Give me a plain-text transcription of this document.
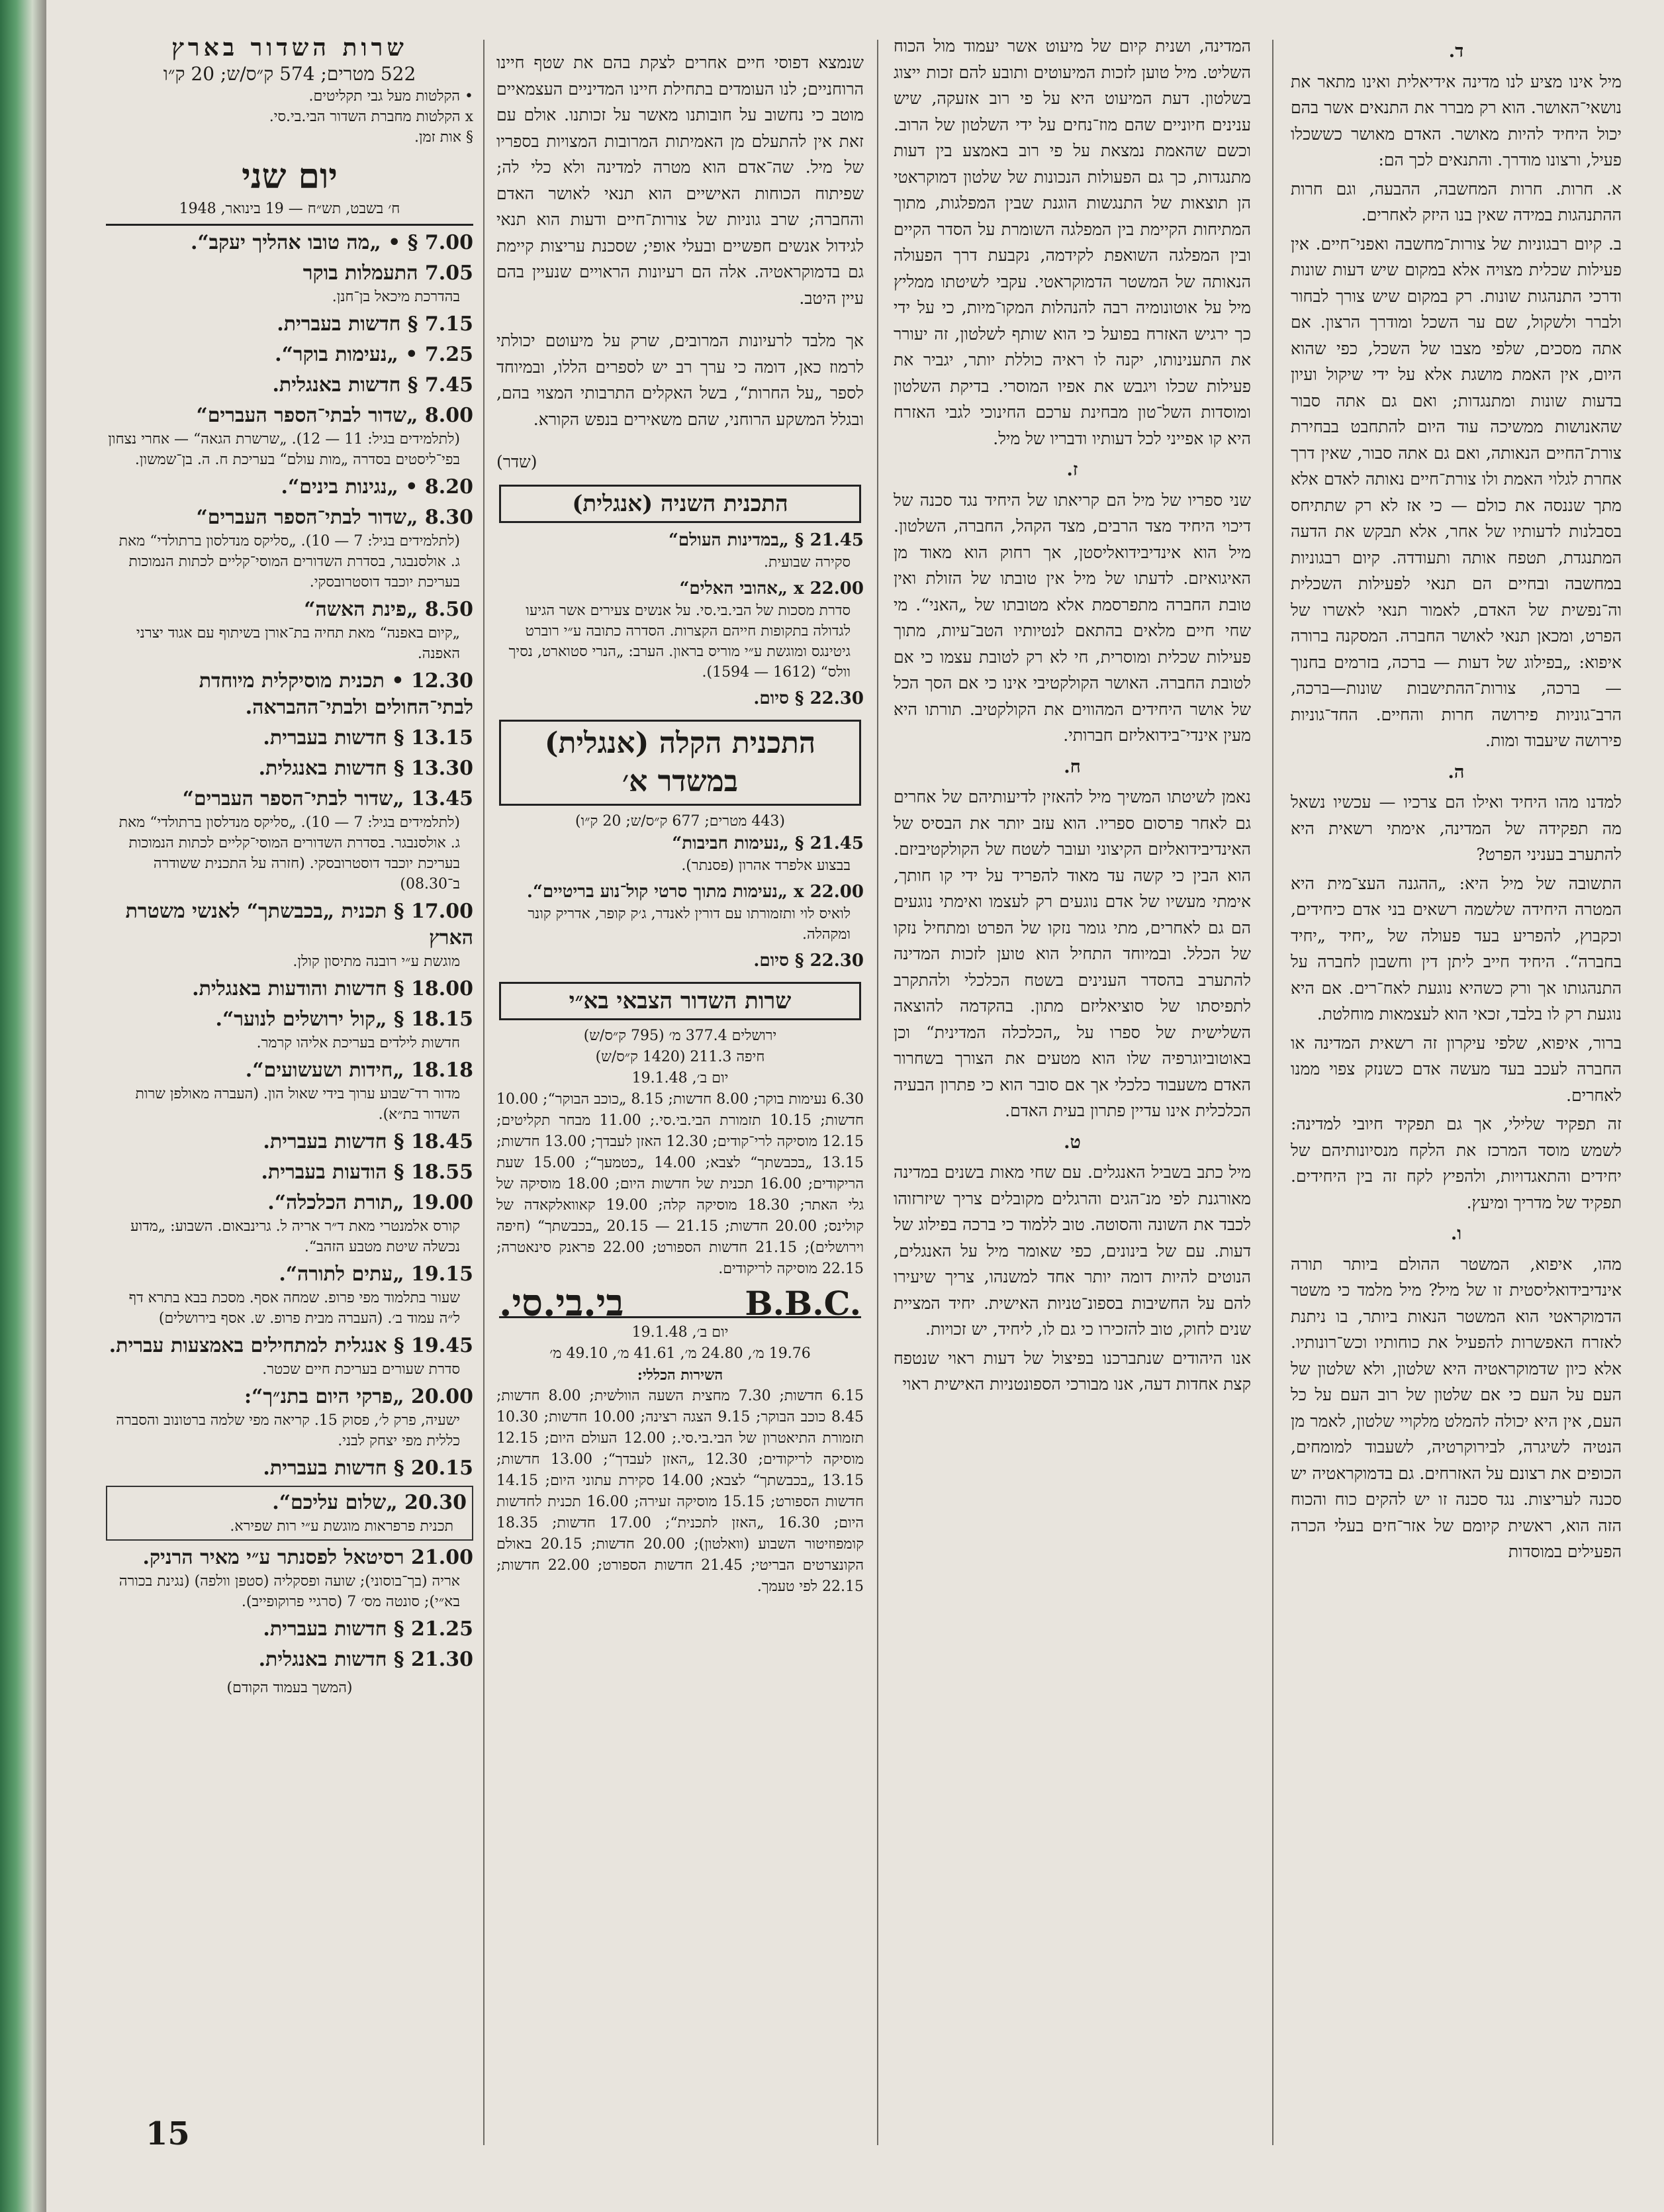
ד.

מיל אינו מציע לנו מדינה אידיאלית ואינו מתאר את נושאי־האושר. הוא רק מברר את התנאים אשר בהם יכול היחיד להיות מאושר. האדם מאושר כששכלו פעיל, ורצונו מודרך. והתנאים לכך הם:

א. חרות. חרות המחשבה, ההבעה, וגם חרות ההתנהגות במידה שאין בנו היזק לאחרים.

ב. קיום רבגוניות של צורות־מחשבה ואפני־חיים. אין פעילות שכלית מצויה אלא במקום שיש דעות שונות ודרכי התנהגות שונות. רק במקום שיש צורך לבחור ולברר ולשקול, שם ער השכל ומודרך הרצון. אם אתה מסכים, שלפי מצבו של השכל, כפי שהוא היום, אין האמת מושגת אלא על ידי שיקול ועיון בדעות שונות ומתנגדות; ואם גם אתה סבור שהאנושות ממשיכה עוד היום להתחבט בבחירת צורת־החיים הנאותה, ואם גם אתה סבור, שאין דרך אחרת לגלוי האמת ולו צורת־חיים נאותה לאדם אלא מתך שננסה את כולם — כי אז לא רק שתתיחס בסבלנות לדעותיו של אחר, אלא תבקש את הדעה המתנגדת, תטפח אותה ותעודדה. קיום רבגוניות במחשבה ובחיים הם תנאי לפעילות השכלית וה־נפשית של האדם, לאמור תנאי לאשרו של הפרט, ומכאן תנאי לאושר החברה. המסקנה ברורה איפוא: „בפילוג של דעות — ברכה, בזרמים בחנוך — ברכה, צורות־ההתישבות שונות—ברכה, הרב־גוניות פירושה חרות והחיים. החד־גוניות פירושה שיעבוד ומות.

ה.

למדנו מהו היחיד ואילו הם צרכיו — עכשיו נשאל מה תפקידה של המדינה, אימתי רשאית היא להתערב בעניני הפרט?

התשובה של מיל היא: „ההגנה העצ־מית היא המטרה היחידה שלשמה רשאים בני אדם כיחידים, וכקבוץ, להפריע בעד פעולה של „יחיד „יחיד בחברה“. היחיד חייב ליתן דין וחשבון לחברה על התנהגותו אך ורק כשהיא נוגעת לאח־רים. אם היא נוגעת רק לו בלבד, זכאי הוא לעצמאות מוחלטת.

ברור, איפוא, שלפי עיקרון זה רשאית המדינה או החברה לעכב בעד מעשה אדם כשנזק צפוי ממנו לאחרים.

זה תפקיד שלילי, אך גם תפקיד חיובי למדינה: לשמש מוסד המרכז את הלקח מנסיונותיהם של יחידים והתאגדויות, ולהפיץ לקח זה בין היחידים. תפקיד של מדריך ומיעץ.

ו.

מהו, איפוא, המשטר ההולם ביותר תורה אינדיבידואליסטית זו של מיל? מיל מלמד כי משטר הדמוקראטי הוא המשטר הנאות ביותר, בו ניתנת לאזרח האפשרות להפעיל את כוחותיו וכש־רונותיו. אלא כיון שדמוקראטיה היא שלטון, ולא שלטון של העם על העם כי אם שלטון של רוב העם על כל העם, אין היא יכולה להמלט מלקויי שלטון, לאמר מן הנטיה לשיגרה, לבירוקרטיה, לשעבוד למומחים, הכופים את רצונם על האזרחים. גם בדמוקראטיה יש סכנה לעריצות. נגד סכנה זו יש להקים כוח והכוח הזה הוא, ראשית קיומם של אזר־חים בעלי הכרה הפעילים במוסדות

המדינה, ושנית קיום של מיעוט אשר יעמוד מול הכוח השליט. מיל טוען לזכות המיעוטים ותובע להם זכות ייצוג בשלטון. דעת המיעוט היא על פי רוב אזעקה, שיש ענינים חיוניים שהם מוז־נחים על ידי השלטון של הרוב. וכשם שהאמת נמצאת על פי רוב באמצע בין דעות מתנגדות, כך גם הפעולות הנכונות של שלטון דמוקראטי הן תוצאות של התנגשות הוגנת שבין המפלגות, מתוך המתיחות הקיימת בין המפלגה השומרת על הסדר הקיים ובין המפלגה השואפת לקידמה, נקבעת דרך הפעולה הנאותה של המשטר הדמוקראטי. עקבי לשיטתו ממליץ מיל על אוטונומיה רבה להנהלות המקו־מיות, כי על ידי כך ירגיש האזרח בפועל כי הוא שותף לשלטון, זה יעורר את התענינותו, יקנה לו ראיה כוללת יותר, יגביר את פעילות שכלו ויגבש את אפיו המוסרי. בדיקת השלטון ומוסדות השל־טון מבחינת ערכם החינוכי לגבי האזרח היא קו אפייני לכל דעותיו ודבריו של מיל.

ז.

שני ספריו של מיל הם קריאתו של היחיד נגד סכנה של דיכוי היחיד מצד הרבים, מצד הקהל, החברה, השלטון. מיל הוא אינדיבידואליסטן, אך רחוק הוא מאוד מן האיגואיזם. לדעתו של מיל אין טובתו של הזולת ואין טובת החברה מתפרסמת אלא מטובתו של „האני“. מי שחי חיים מלאים בהתאם לנטיותיו הטב־עיות, מתוך פעילות שכלית ומוסרית, חי לא רק לטובת עצמו כי אם לטובת החברה. האושר הקולקטיבי אינו כי אם הסך הכל של אושר היחידים המהווים את הקולקטיב. תורתו היא מעין אינדי־בידואליזם חברותי.

ח.

נאמן לשיטתו המשיך מיל להאזין לדיעותיהם של אחרים גם לאחר פרסום ספריו. הוא עזב יותר את הבסיס של האינדיבידואליזם הקיצוני ועובר לשטח של הקולקטיביזם. הוא הבין כי קשה עד מאוד להפריד על ידי קו חותך, אימתי מעשיו של אדם נוגעים רק לעצמו ואימתי נוגעים הם גם לאחרים, מתי גומר נזקו של הפרט ומתחיל נזקו של הכלל. ובמיוחד התחיל הוא טוען לזכות המדינה להתערב בהסדר הענינים בשטח הכלכלי ולהתקרב לתפיסתו של סוציאליזם מתון. בהקדמה להוצאה השלישית של ספרו על „הכלכלה המדינית“ וכן באוטוביוגרפיה שלו הוא מטעים את הצורך בשחרור האדם משעבוד כלכלי אך אם סובר הוא כי פתרון הבעיה הכלכלית אינו עדיין פתרון בעית האדם.

ט.

מיל כתב בשביל האנגלים. עם שחי מאות בשנים במדינה מאורגנת לפי מנ־הגים והרגלים מקובלים צריך שיזרזוהו לכבד את השונה והסוטה. טוב ללמוד כי ברכה בפילוג של דעות. עם של בינונים, כפי שאומר מיל על האנגלים, הנוטים להיות דומה יותר אחד למשנהו, צריך שיעירו להם על החשיבות בספונ־טניות האישית. יחיד המציית שנים לחוק, טוב להזכירו כי גם לו, ליחיד, יש זכויות.

אנו היהודים שנתברכנו בפיצול של דעות ראוי שנטפח קצת אחדות דעה, אנו מבורכי הספונטניות האישית ראוי

שנמצא דפוסי חיים אחרים לצקת בהם את שטף חיינו הרוחניים; לנו העומדים בתחילת חיינו המדיניים העצמאיים מוטב כי נחשוב על חובותנו מאשר על זכותנו. אולם עם זאת אין להתעלם מן האמיתות המרובות המצויות בספריו של מיל. שה־אדם הוא מטרה למדינה ולא כלי לה; שפיתוח הכוחות האישיים הוא תנאי לאושר האדם והחברה; שרב גוניות של צורות־חיים ודעות הוא תנאי לגידול אנשים חפשיים ובעלי אופי; שסכנת עריצות קיימת גם בדמוקראטיה. אלה הם רעיונות הראויים שנעיין בהם עיין היטב.

אך מלבד לרעיונות המרובים, שרק על מיעוטם יכולתי לרמוז כאן, דומה כי ערך רב יש לספרים הללו, ובמיוחד לספר „על החרות“, בשל האקלים התרבותי המצוי בהם, ובגלל המשקע הרוחני, שהם משאירים בנפש הקורא.

(שדר)
התכנית השניה (אנגלית)
21.45 § „במדינות העולם“
סקירה שבועית.
22.00 x „אהובי האלים“
סדרת מסכות של הבי.בי.סי. על אנשים צעירים אשר הגיעו לגדולה בתקופות חייהם הקצרות. הסדרה כתובה ע״י רוברט גיטינגס ומוגשת ע״י מוריס בראון. הערב: „הנרי סטוארט, נסיך וולס“ (1612 — 1594).
22.30 § סיום.
התכנית הקלה (אנגלית) במשדר א׳
(443 מטרים; 677 ק״ס/ש; 20 ק״ו)
21.45 § „נעימות חביבות“
בבצוע אלפרד אהרון (פסנתר).
22.00 x „נעימות מתוך סרטי קול־נוע בריטיים“.
לואיס לוי ותזמורתו עם דורין לאנדר, ג׳ק קופר, אדריק קונר ומקהלה.
22.30 § סיום.
שרות השדור הצבאי בא״י
ירושלים 377.4 מ׳ (795 ק״ס/ש)
חיפה 211.3 (1420 ק״ס/ש)
יום ב׳, 19.1.48
6.30 נעימות בוקר; 8.00 חדשות; 8.15 „כוכב הבוקר“; 10.00 חדשות; 10.15 תזמורת הבי.בי.סי.; 11.00 מבחר תקליטים; 12.15 מוסיקה לרי־קודים; 12.30 האזן לעבדך; 13.00 חדשות; 13.15 „בכבשתך“ לצבא; 14.00 „כטמעך“; 15.00 שעת הריקודים; 16.00 תכנית של חדשות היום; 18.00 מוסיקה של גלי האתר; 18.30 מוסיקה קלה; 19.00 קאוואלקאדה של קולינס; 20.00 חדשות; 21.15 — 20.15 „בכבשתך“ (חיפה וירושלים); 21.15 חדשות הספורט; 22.00 פראנק סינאטרה; 22.15 מוסיקה לריקודים.
B.B.C.
בי.בי.סי.
יום ב׳, 19.1.48
19.76 מ׳, 24.80 מ׳, 41.61 מ׳, 49.10 מ׳
השירות הכללי:
6.15 חדשות; 7.30 מחצית השעה הוולשית; 8.00 חדשות; 8.45 כוכב הבוקר; 9.15 הצגה רצינה; 10.00 חדשות; 10.30 תזמורת התיאטרון של הבי.בי.סי.; 12.00 העולם היום; 12.15 מוסיקה לריקודים; 12.30 „האזן לעבדך“; 13.00 חדשות; 13.15 „בכבשתך“ לצבא; 14.00 סקירת עתוני היום; 14.15 חדשות הספורט; 15.15 מוסיקה זעירה; 16.00 תכנית לחדשות היום; 16.30 „האזן לתכנית“; 17.00 חדשות; 18.35 קומפוזיטור השבוע (וואלטון); 20.00 חדשות; 20.15 באולם הקונצרטים הבריטי; 21.45 חדשות הספורט; 22.00 חדשות; 22.15 לפי טעמך.
שרות השדור בארץ
522 מטרים; 574 ק״ס/ש; 20 ק״ו
• הקלטות מעל גבי תקליטים.
x הקלטות מחברת השדור הבי.בי.סי.
§ אות זמן.
יום שני
ח׳ בשבט, תש״ח — 19 בינואר, 1948
7.00 § • „מה טובו אהליך יעקב“.
7.05 התעמלות בוקר
בהדרכת מיכאל בן־חנן.
7.15 § חדשות בעברית.
7.25 • „נעימות בוקר“.
7.45 § חדשות באנגלית.
8.00 „שדור לבתי־הספר העברים“
(לתלמידים בגיל: 11 — 12). „שרשרת הגאה“ — אחרי נצחון בפי־ליסטים בסדרה „מות עולם“ בעריכת ח. ה. בן־שמשון.
8.20 • „נגינות בינים“.
8.30 „שדור לבתי־הספר העברים“
(לתלמידים בגיל: 7 — 10). „סליקס מנדלסון ברתולדי“ מאת ג. אולסנבגר, בסדרת השדורים המוסי־קליים לכתות הנמוכות בעריכת יוכבד דוסטרובסקי.
8.50 „פינת האשה“
„קיום באפנה“ מאת תחיה בת־אורן בשיתוף עם אגוד יצרני האפנה.
12.30 • תכנית מוסיקלית מיוחדת לבתי־החולים ולבתי־ההבראה.
13.15 § חדשות בעברית.
13.30 § חדשות באנגלית.
13.45 „שדור לבתי־הספר העברים“
(לתלמידים בגיל: 7 — 10). „סליקס מנדלסון ברתולדי“ מאת ג. אולסנבגר. בסדרת השדורים המוסי־קליים לכתות הנמוכות בעריכת יוכבד דוסטרובסקי. (חזרה על התכנית ששודרה ב־08.30)
17.00 § תכנית „בכבשתך“ לאנשי משטרת הארץ
מוגשת ע״י רובנה מתיסון קולן.
18.00 § חדשות והודעות באנגלית.
18.15 § „קול ירושלים לנוער“.
חדשות לילדים בעריכת אליהו קרמר.
18.18 „חידות ושעשועים“.
מדור רד־שבוע ערוך בידי שאול הון. (העברה מאולפן שרות השדור בת״א).
18.45 § חדשות בעברית.
18.55 § הודעות בעברית.
19.00 „תורת הכלכלה“.
קורס אלמנטרי מאת ד״ר אריה ל. גרינבאום. השבוע: „מדוע נכשלה שיטת מטבע הזהב“.
19.15 „עתים לתורה“.
שעור בתלמוד מפי פרופ. שמחה אסף. מסכת בבא בתרא דף ל״ה עמוד ב׳. (העברה מבית פרופ. ש. אסף בירושלים)
19.45 § אנגלית למתחילים באמצעות עברית.
סדרת שעורים בעריכת חיים שכטר.
20.00 „פרקי היום בתנ״ך“:
ישעיה, פרק ל׳, פסוק 15. קריאה מפי שלמה ברטונוב והסברה כללית מפי יצחק לבני.
20.15 § חדשות בעברית.
20.30 „שלום עליכם“.
תכנית פרפראות מוגשת ע״י רות שפירא.
21.00 רסיטאל לפסנתר ע״י מאיר הרניק.
אריה (בך־בוסוני); שועה ופסקליה (סטפן וולפה) (נגינת בכורה בא״י); סונטה מס׳ 7 (סרגיי פרוקופייב).
21.25 § חדשות בעברית.
21.30 § חדשות באנגלית.
(המשך בעמוד הקודם)
15
